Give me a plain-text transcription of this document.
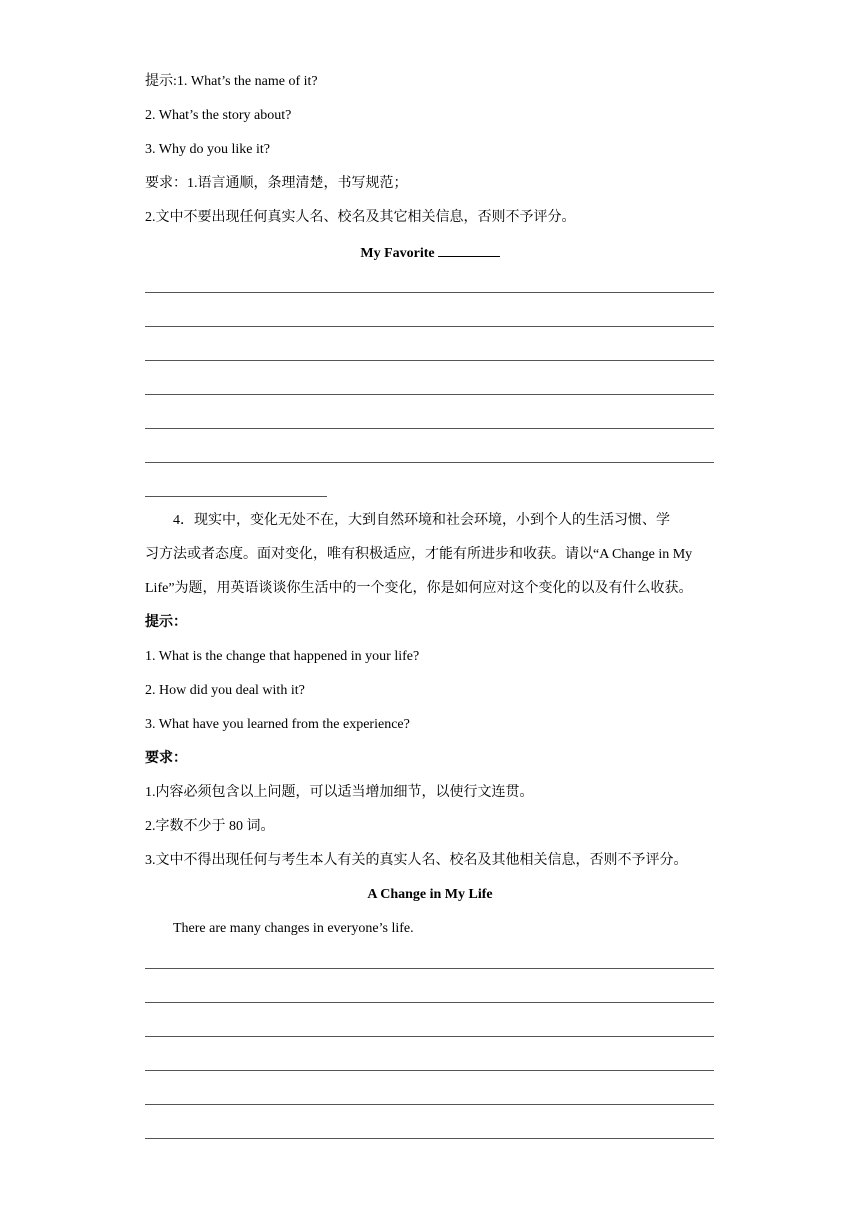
提示:1. What’s the name of it?
2. What’s the story about?
3. Why do you like it?
要求：1.语言通顺，条理清楚，书写规范；
2.文中不要出现任何真实人名、校名及其它相关信息，否则不予评分。
My Favorite
4．现实中，变化无处不在，大到自然环境和社会环境，小到个人的生活习惯、学
习方法或者态度。面对变化，唯有积极适应，才能有所进步和收获。请以“A Change in My
Life”为题，用英语谈谈你生活中的一个变化，你是如何应对这个变化的以及有什么收获。
提示：
1. What is the change that happened in your life?
2. How did you deal with it?
3. What have you learned from the experience?
要求：
1.内容必须包含以上问题，可以适当增加细节，以使行文连贯。
2.字数不少于 80 词。
3.文中不得出现任何与考生本人有关的真实人名、校名及其他相关信息，否则不予评分。
A Change in My Life
There are many changes in everyone’s life.
